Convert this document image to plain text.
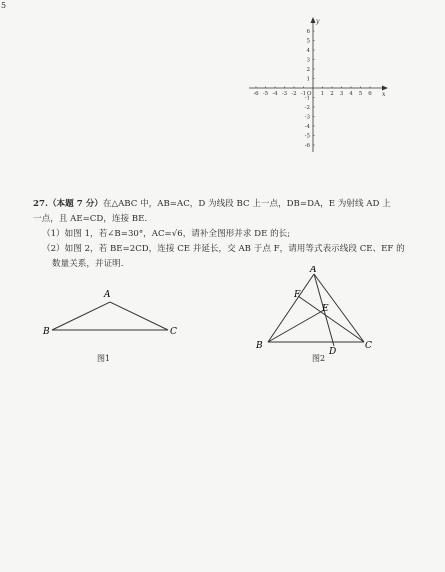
5
x
y
-6 -5 -4 -3 -2 -1 O 1 2 3 4 5 6
6
5
4
3
2
1
-1
-2
-3
-4
-5
-6

27.（本题 7 分）在△ABC 中，AB=AC，D 为线段 BC 上一点，DB=DA，E 为射线 AD 上

一点，且 AE=CD，连接 BE.

（1）如图 1，若∠B=30°，AC=√6，请补全图形并求 DE 的长;

（2）如图 2，若 BE=2CD，连接 CE 并延长，交 AB 于点 F，请用等式表示线段 CE、EF 的

数量关系，并证明.

A
B	C
图1
A
B	C
D
E
F
图2
